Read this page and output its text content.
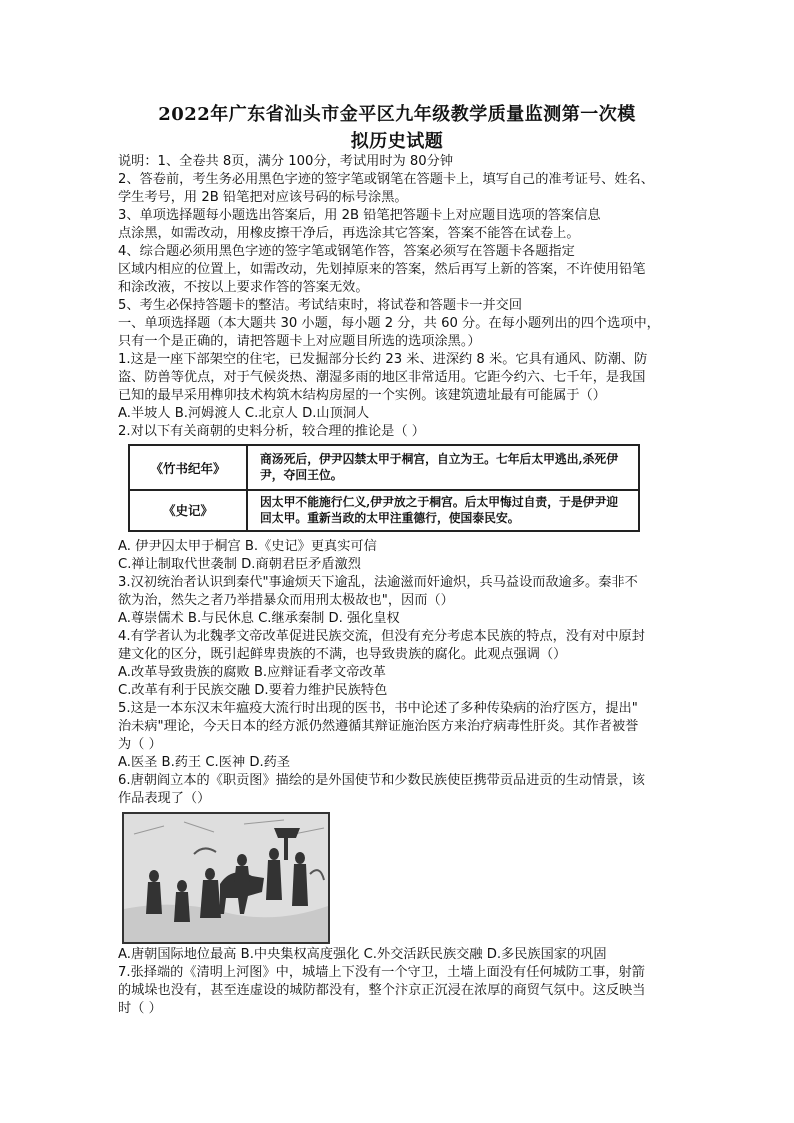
2022年广东省汕头市金平区九年级教学质量监测第一次模
拟历史试题
说明：1、全卷共 8页，满分 100分，考试用时为 80分钟
2、答卷前，考生务必用黑色字迹的签字笔或钢笔在答题卡上，填写自己的准考证号、姓名、
学生考号，用 2B 铅笔把对应该号码的标号涂黑。
3、单项选择题每小题选出答案后，用 2B 铅笔把答题卡上对应题目选项的答案信息
点涂黑，如需改动，用橡皮擦干净后，再选涂其它答案，答案不能答在试卷上。
4、综合题必须用黑色字迹的签字笔或钢笔作答，答案必须写在答题卡各题指定
区域内相应的位置上，如需改动，先划掉原来的答案，然后再写上新的答案，不许使用铅笔
和涂改液，不按以上要求作答的答案无效。
5、考生必保持答题卡的整洁。考试结束时，将试卷和答题卡一并交回
一、单项选择题（本大题共 30 小题，每小题 2 分，共 60 分。在每小题列出的四个选项中，
只有一个是正确的，请把答题卡上对应题目所选的选项涂黑。）
1.这是一座下部架空的住宅，已发掘部分长约 23 米、进深约 8 米。它具有通风、防潮、防
盗、防兽等优点，对于气候炎热、潮湿多雨的地区非常适用。它距今约六、七千年，是我国
已知的最早采用榫卯技术构筑木结构房屋的一个实例。该建筑遗址最有可能属于（）
A.半坡人 B.河姆渡人 C.北京人 D.山顶洞人
2.对以下有关商朝的史料分析，较合理的推论是（ ）
《竹书纪年》
商汤死后，伊尹囚禁太甲于桐宫，自立为王。七年后太甲逃出,杀死伊尹，夺回王位。
《史记》
因太甲不能施行仁义,伊尹放之于桐宫。后太甲悔过自责，于是伊尹迎回太甲。重新当政的太甲注重德行，使国泰民安。
A. 伊尹囚太甲于桐宫 B.《史记》更真实可信
C.禅让制取代世袭制 D.商朝君臣矛盾激烈
3.汉初统治者认识到秦代"事逾烦天下逾乱，法逾滋而奸逾炽，兵马益设而敌逾多。秦非不
欲为治，然失之者乃举措暴众而用刑太极故也"，因而（）
A.尊崇儒术 B.与民休息 C.继承秦制 D. 强化皇权
4.有学者认为北魏孝文帝改革促进民族交流，但没有充分考虑本民族的特点，没有对中原封
建文化的区分，既引起鲜卑贵族的不满，也导致贵族的腐化。此观点强调（）
A.改革导致贵族的腐败 B.应辩证看孝文帝改革
C.改革有利于民族交融 D.要着力维护民族特色
5.这是一本东汉末年瘟疫大流行时出现的医书，书中论述了多种传染病的治疗医方，提出"
治未病"理论，今天日本的经方派仍然遵循其辩证施治医方来治疗病毒性肝炎。其作者被誉
为（ ）
A.医圣 B.药王 C.医神 D.药圣
6.唐朝阎立本的《职贡图》描绘的是外国使节和少数民族使臣携带贡品进贡的生动情景，该
作品表现了（）
A.唐朝国际地位最高 B.中央集权高度强化 C.外交活跃民族交融 D.多民族国家的巩固
7.张择端的《清明上河图》中，城墙上下没有一个守卫，土墙上面没有任何城防工事，射箭
的城垛也没有，甚至连虚设的城防都没有，整个汴京正沉浸在浓厚的商贸气氛中。这反映当
时（ ）
